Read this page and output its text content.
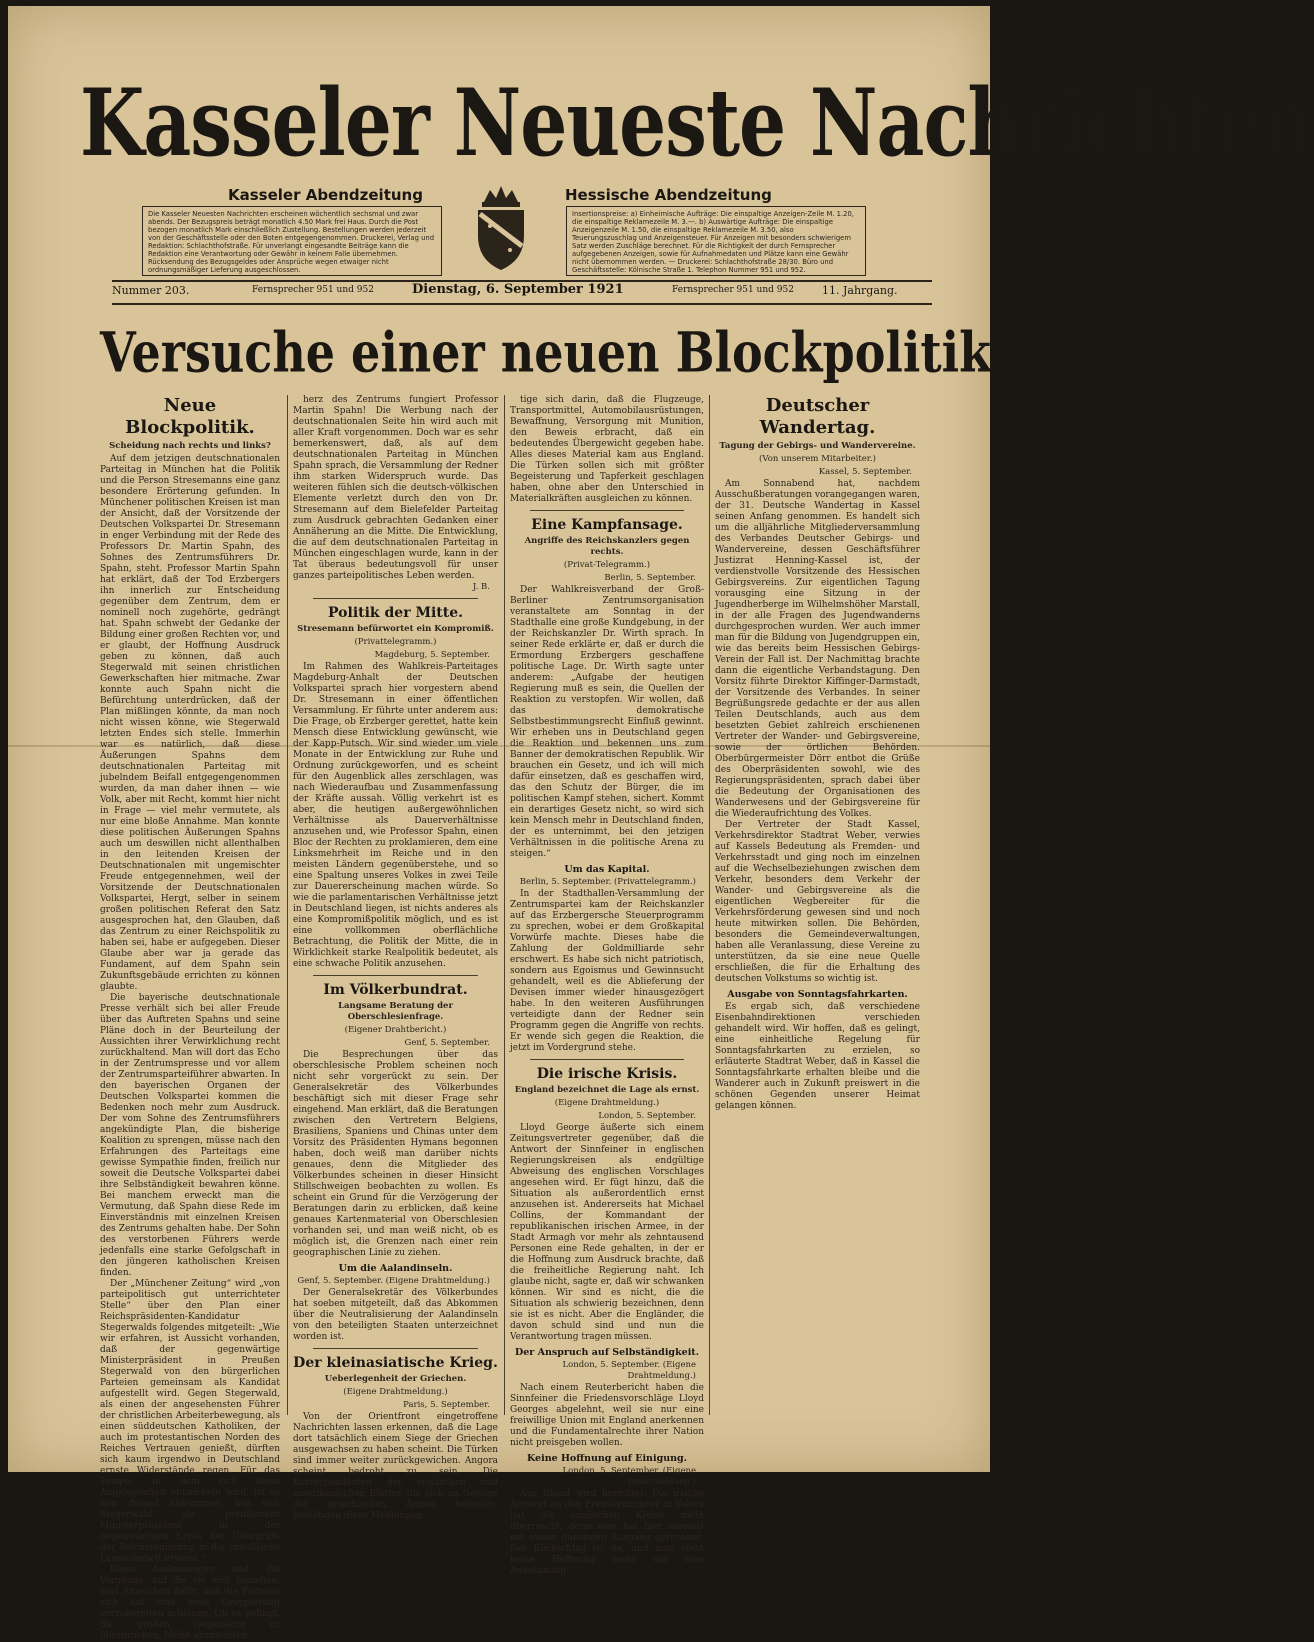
Kasseler Neueste Nachrichten
Kasseler Abendzeitung	Hessische Abendzeitung
Die Kasseler Neuesten Nachrichten erscheinen wöchentlich sechsmal und zwar abends. Der Bezugspreis beträgt monatlich 4.50 Mark frei Haus. Durch die Post bezogen monatlich Mark einschließlich Zustellung. Bestellungen werden jederzeit von der Geschäftsstelle oder den Boten entgegengenommen. Druckerei, Verlag und Redaktion: Schlachthofstraße. Für unverlangt eingesandte Beiträge kann die Redaktion eine Verantwortung oder Gewähr in keinem Falle übernehmen. Rücksendung des Bezugsgeldes oder Ansprüche wegen etwaiger nicht ordnungsmäßiger Lieferung ausgeschlossen.
Insertionspreise: a) Einheimische Aufträge: Die einspaltige Anzeigen-Zeile M. 1.20, die einspaltige Reklamezeile M. 3.—. b) Auswärtige Aufträge: Die einspaltige Anzeigenzeile M. 1.50, die einspaltige Reklamezeile M. 3.50, also Teuerungszuschlag und Anzeigensteuer. Für Anzeigen mit besonders schwierigem Satz werden Zuschläge berechnet. Für die Richtigkeit der durch Fernsprecher aufgegebenen Anzeigen, sowie für Aufnahmedaten und Plätze kann eine Gewähr nicht übernommen werden. — Druckerei: Schlachthofstraße 28/30. Büro und Geschäftsstelle: Kölnische Straße 1. Telephon Nummer 951 und 952.
Nummer 203.	Fernsprecher 951 und 952	Dienstag, 6. September 1921	Fernsprecher 951 und 952	11. Jahrgang.
Versuche einer neuen Blockpolitik.
Neue Blockpolitik.
Scheidung nach rechts und links?

Auf dem jetzigen deutschnationalen Parteitag in München hat die Politik und die Person Stresemanns eine ganz besondere Erörterung gefunden. In Münchener politischen Kreisen ist man der Ansicht, daß der Vorsitzende der Deutschen Volkspartei Dr. Stresemann in enger Verbindung mit der Rede des Professors Dr. Martin Spahn, des Sohnes des Zentrumsführers Dr. Spahn, steht. Professor Martin Spahn hat erklärt, daß der Tod Erzbergers ihn innerlich zur Entscheidung gegenüber dem Zentrum, dem er nominell noch zugehörte, gedrängt hat. Spahn schwebt der Gedanke der Bildung einer großen Rechten vor, und er glaubt, der Hoffnung Ausdruck geben zu können, daß auch Stegerwald mit seinen christlichen Gewerkschaften hier mitmache. Zwar konnte auch Spahn nicht die Befürchtung unterdrücken, daß der Plan mißlingen könnte, da man noch nicht wissen könne, wie Stegerwald letzten Endes sich stelle. Immerhin war es natürlich, daß diese Äußerungen Spahns dem deutschnationalen Parteitag mit jubelndem Beifall entgegengenommen wurden, da man daher ihnen — wie Volk, aber mit Recht, kommt hier nicht in Frage — viel mehr vermutete, als nur eine bloße Annahme. Man konnte diese politischen Äußerungen Spahns auch um deswillen nicht allenthalben in den leitenden Kreisen der Deutschnationalen mit ungemischter Freude entgegennehmen, weil der Vorsitzende der Deutschnationalen Volkspartei, Hergt, selber in seinem großen politischen Referat den Satz ausgesprochen hat, den Glauben, daß das Zentrum zu einer Reichspolitik zu haben sei, habe er aufgegeben. Dieser Glaube aber war ja gerade das Fundament, auf dem Spahn sein Zukunftsgebäude errichten zu können glaubte.

Die bayerische deutschnationale Presse verhält sich bei aller Freude über das Auftreten Spahns und seine Pläne doch in der Beurteilung der Aussichten ihrer Verwirklichung recht zurückhaltend. Man will dort das Echo in der Zentrumspresse und vor allem der Zentrumsparteiführer abwarten. In den bayerischen Organen der Deutschen Volkspartei kommen die Bedenken noch mehr zum Ausdruck. Der vom Sohne des Zentrumsführers angekündigte Plan, die bisherige Koalition zu sprengen, müsse nach den Erfahrungen des Parteitags eine gewisse Sympathie finden, freilich nur soweit die Deutsche Volkspartei dabei ihre Selbständigkeit bewahren könne. Bei manchem erweckt man die Vermutung, daß Spahn diese Rede im Einverständnis mit einzelnen Kreisen des Zentrums gehalten habe. Der Sohn des verstorbenen Führers werde jedenfalls eine starke Gefolgschaft in den jüngeren katholischen Kreisen finden.

Der „Münchener Zeitung“ wird „von parteipolitisch gut unterrichteter Stelle“ über den Plan einer Reichspräsidenten-Kandidatur Stegerwalds folgendes mitgeteilt: „Wie wir erfahren, ist Aussicht vorhanden, daß der gegenwärtige Ministerpräsident in Preußen Stegerwald von den bürgerlichen Parteien gemeinsam als Kandidat aufgestellt wird. Gegen Stegerwald, als einen der angesehensten Führer der christlichen Arbeiterbewegung, als einen süddeutschen Katholiken, der auch im protestantischen Norden des Reiches Vertrauen genießt, dürften sich kaum irgendwo in Deutschland ernste Widerstände regen. Für das Tempo, in dem sich diese Angelegenheit entwickeln wird, ist es nun darauf ankommen, wie sich Stegerwald als preußischer Ministerpräsident in der gegenwärtigen Krisis der Übergriffe der Reichsregierung in die preußische Landeshoheit erweist.“

Diese Auslassungen und die Vorgänge, auf die sie sich beziehen, sind Anzeichen dafür, daß die Parteien sich auf eine neue Gruppierung vorzubereiten scheinen. Ob es gelingt, die großen Gegensätze zu überbrücken, bleibt abzuwarten.

herz des Zentrums fungiert Professor Martin Spahn! Die Werbung nach der deutschnationalen Seite hin wird auch mit aller Kraft vorgenommen. Doch war es sehr bemerkenswert, daß, als auf dem deutschnationalen Parteitag in München Spahn sprach, die Versammlung der Redner ihm starken Widerspruch wurde. Das weiteren fühlen sich die deutsch-völkischen Elemente verletzt durch den von Dr. Stresemann auf dem Bielefelder Parteitag zum Ausdruck gebrachten Gedanken einer Annäherung an die Mitte. Die Entwicklung, die auf dem deutschnationalen Parteitag in München eingeschlagen wurde, kann in der Tat überaus bedeutungsvoll für unser ganzes parteipolitisches Leben werden.

J. B.
Politik der Mitte.
Stresemann befürwortet ein Kompromiß.
(Privattelegramm.)
Magdeburg, 5. September.

Im Rahmen des Wahlkreis-Parteitages Magdeburg-Anhalt der Deutschen Volkspartei sprach hier vorgestern abend Dr. Stresemann in einer öffentlichen Versammlung. Er führte unter anderem aus: Die Frage, ob Erzberger gerettet, hatte kein Mensch diese Entwicklung gewünscht, wie der Kapp-Putsch. Wir sind wieder um viele Monate in der Entwicklung zur Ruhe und Ordnung zurückgeworfen, und es scheint für den Augenblick alles zerschlagen, was nach Wiederaufbau und Zusammenfassung der Kräfte aussah. Völlig verkehrt ist es aber, die heutigen außergewöhnlichen Verhältnisse als Dauerverhältnisse anzusehen und, wie Professor Spahn, einen Bloc der Rechten zu proklamieren, dem eine Linksmehrheit im Reiche und in den meisten Ländern gegenüberstehe, und so eine Spaltung unseres Volkes in zwei Teile zur Dauererscheinung machen würde. So wie die parlamentarischen Verhältnisse jetzt in Deutschland liegen, ist nichts anderes als eine Kompromißpolitik möglich, und es ist eine vollkommen oberflächliche Betrachtung, die Politik der Mitte, die in Wirklichkeit starke Realpolitik bedeutet, als eine schwache Politik anzusehen.

Im Völkerbundrat.
Langsame Beratung der Oberschlesienfrage.
(Eigener Drahtbericht.)
Genf, 5. September.

Die Besprechungen über das oberschlesische Problem scheinen noch nicht sehr vorgerückt zu sein. Der Generalsekretär des Völkerbundes beschäftigt sich mit dieser Frage sehr eingehend. Man erklärt, daß die Beratungen zwischen den Vertretern Belgiens, Brasiliens, Spaniens und Chinas unter dem Vorsitz des Präsidenten Hymans begonnen haben, doch weiß man darüber nichts genaues, denn die Mitglieder des Völkerbundes scheinen in dieser Hinsicht Stillschweigen beobachten zu wollen. Es scheint ein Grund für die Verzögerung der Beratungen darin zu erblicken, daß keine genaues Kartenmaterial von Oberschlesien vorhanden sei, und man weiß nicht, ob es möglich ist, die Grenzen nach einer rein geographischen Linie zu ziehen.

Um die Aalandinseln.
Genf, 5. September. (Eigene Drahtmeldung.)

Der Generalsekretär des Völkerbundes hat soeben mitgeteilt, daß das Abkommen über die Neutralisierung der Aalandinseln von den beteiligten Staaten unterzeichnet worden ist.

Der kleinasiatische Krieg.
Ueberlegenheit der Griechen.
(Eigene Drahtmeldung.)
Paris, 5. September.

Von der Orientfront eingetroffene Nachrichten lassen erkennen, daß die Lage dort tatsächlich einem Siege der Griechen ausgewachsen zu haben scheint. Die Türken sind immer weiter zurückgewichen. Angora scheint bedroht zu sein. Die Korrespondenten der englischen und amerikanischen Blätter, die sich im Gefolge der griechischen Armee befinden, bestätigen diese Meldungen.

tige sich darin, daß die Flugzeuge, Transportmittel, Automobilausrüstungen, Bewaffnung, Versorgung mit Munition, den Beweis erbracht, daß ein bedeutendes Übergewicht gegeben habe. Alles dieses Material kam aus England. Die Türken sollen sich mit größter Begeisterung und Tapferkeit geschlagen haben, ohne aber den Unterschied in Materialkräften ausgleichen zu können.

Eine Kampfansage.
Angriffe des Reichskanzlers gegen rechts.
(Privat-Telegramm.)
Berlin, 5. September.

Der Wahlkreisverband der Groß-Berliner Zentrumsorganisation veranstaltete am Sonntag in der Stadthalle eine große Kundgebung, in der der Reichskanzler Dr. Wirth sprach. In seiner Rede erklärte er, daß er durch die Ermordung Erzbergers geschaffene politische Lage. Dr. Wirth sagte unter anderem: „Aufgabe der heutigen Regierung muß es sein, die Quellen der Reaktion zu verstopfen. Wir wollen, daß das demokratische Selbstbestimmungsrecht Einfluß gewinnt. Wir erheben uns in Deutschland gegen die Reaktion und bekennen uns zum Banner der demokratischen Republik. Wir brauchen ein Gesetz, und ich will mich dafür einsetzen, daß es geschaffen wird, das den Schutz der Bürger, die im politischen Kampf stehen, sichert. Kommt ein derartiges Gesetz nicht, so wird sich kein Mensch mehr in Deutschland finden, der es unternimmt, bei den jetzigen Verhältnissen in die politische Arena zu steigen.“

Um das Kapital.
Berlin, 5. September. (Privattelegramm.)

In der Stadthallen-Versammlung der Zentrumspartei kam der Reichskanzler auf das Erzbergersche Steuerprogramm zu sprechen, wobei er dem Großkapital Vorwürfe machte. Dieses habe die Zahlung der Goldmilliarde sehr erschwert. Es habe sich nicht patriotisch, sondern aus Egoismus und Gewinnsucht gehandelt, weil es die Ablieferung der Devisen immer wieder hinausgezögert habe. In den weiteren Ausführungen verteidigte dann der Redner sein Programm gegen die Angriffe von rechts. Er wende sich gegen die Reaktion, die jetzt im Vordergrund stehe.

Die irische Krisis.
England bezeichnet die Lage als ernst.
(Eigene Drahtmeldung.)
London, 5. September.

Lloyd George äußerte sich einem Zeitungsvertreter gegenüber, daß die Antwort der Sinnfeiner in englischen Regierungskreisen als endgültige Abweisung des englischen Vorschlages angesehen wird. Er fügt hinzu, daß die Situation als außerordentlich ernst anzusehen ist. Andererseits hat Michael Collins, der Kommandant der republikanischen irischen Armee, in der Stadt Armagh vor mehr als zehntausend Personen eine Rede gehalten, in der er die Hoffnung zum Ausdruck brachte, daß die freiheitliche Regierung naht. Ich glaube nicht, sagte er, daß wir schwanken können. Wir sind es nicht, die die Situation als schwierig bezeichnen, denn sie ist es nicht. Aber die Engländer, die davon schuld sind und nun die Verantwortung tragen müssen.

Der Anspruch auf Selbständigkeit.
London, 5. September. (Eigene Drahtmeldung.)

Nach einem Reuterbericht haben die Sinnfeiner die Friedensvorschläge Lloyd Georges abgelehnt, weil sie nur eine freiwillige Union mit England anerkennen und die Fundamentalrechte ihrer Nation nicht preisgeben wollen.

Keine Hoffnung auf Einigung.
London, 5. September. (Eigene Drahtmeldung.)

Aus Irland wird berichtet: Die irische Antwort an den Premierminister in Valera hat die englischen Kreise nicht überrascht, denn man hat hier niemals mit einem günstigen Ausgang gerechnet. Der Rückschlag ist da, und man sieht keine Hoffnung mehr auf eine Aussöhnung.

Deutscher Wandertag.
Tagung der Gebirgs- und Wandervereine.
(Von unserem Mitarbeiter.)
Kassel, 5. September.

Am Sonnabend hat, nachdem Ausschußberatungen vorangegangen waren, der 31. Deutsche Wandertag in Kassel seinen Anfang genommen. Es handelt sich um die alljährliche Mitgliederversammlung des Verbandes Deutscher Gebirgs- und Wandervereine, dessen Geschäftsführer Justizrat Henning-Kassel ist, der verdienstvolle Vorsitzende des Hessischen Gebirgsvereins. Zur eigentlichen Tagung vorausging eine Sitzung in der Jugendherberge im Wilhelmshöher Marstall, in der alle Fragen des Jugendwanderns durchgesprochen wurden. Wer auch immer man für die Bildung von Jugendgruppen ein, wie das bereits beim Hessischen Gebirgs-Verein der Fall ist. Der Nachmittag brachte dann die eigentliche Verbandstagung. Den Vorsitz führte Direktor Kiffinger-Darmstadt, der Vorsitzende des Verbandes. In seiner Begrüßungsrede gedachte er der aus allen Teilen Deutschlands, auch aus dem besetzten Gebiet zahlreich erschienenen Vertreter der Wander- und Gebirgsvereine, sowie der örtlichen Behörden. Oberbürgermeister Dörr entbot die Grüße des Oberpräsidenten sowohl, wie des Regierungspräsidenten, sprach dabei über die Bedeutung der Organisationen des Wanderwesens und der Gebirgsvereine für die Wiederaufrichtung des Volkes.

Der Vertreter der Stadt Kassel, Verkehrsdirektor Stadtrat Weber, verwies auf Kassels Bedeutung als Fremden- und Verkehrsstadt und ging noch im einzelnen auf die Wechselbeziehungen zwischen dem Verkehr, besonders dem Verkehr der Wander- und Gebirgsvereine als die eigentlichen Wegbereiter für die Verkehrsförderung gewesen sind und noch heute mitwirken sollen. Die Behörden, besonders die Gemeindeverwaltungen, haben alle Veranlassung, diese Vereine zu unterstützen, da sie eine neue Quelle erschließen, die für die Erhaltung des deutschen Volkstums so wichtig ist.

Ausgabe von Sonntagsfahrkarten.

Es ergab sich, daß verschiedene Eisenbahndirektionen verschieden gehandelt wird. Wir hoffen, daß es gelingt, eine einheitliche Regelung für Sonntagsfahrkarten zu erzielen, so erläuterte Stadtrat Weber, daß in Kassel die Sonntagsfahrkarte erhalten bleibe und die Wanderer auch in Zukunft preiswert in die schönen Gegenden unserer Heimat gelangen können.
